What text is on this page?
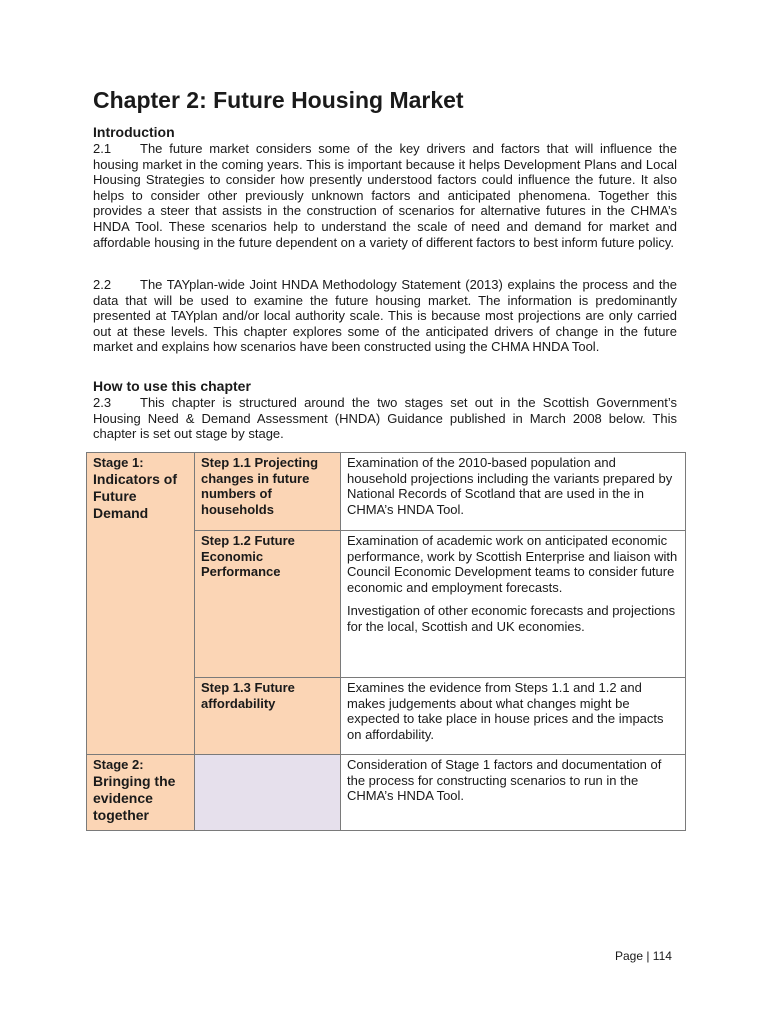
Chapter 2: Future Housing Market

Introduction

2.1 The future market considers some of the key drivers and factors that will influence the housing market in the coming years. This is important because it helps Development Plans and Local Housing Strategies to consider how presently understood factors could influence the future. It also helps to consider other previously unknown factors and anticipated phenomena. Together this provides a steer that assists in the construction of scenarios for alternative futures in the CHMA’s HNDA Tool. These scenarios help to understand the scale of need and demand for market and affordable housing in the future dependent on a variety of different factors to best inform future policy.

2.2 The TAYplan-wide Joint HNDA Methodology Statement (2013) explains the process and the data that will be used to examine the future housing market. The information is predominantly presented at TAYplan and/or local authority scale. This is because most projections are only carried out at these levels. This chapter explores some of the anticipated drivers of change in the future market and explains how scenarios have been constructed using the CHMA HNDA Tool.

How to use this chapter

2.3 This chapter is structured around the two stages set out in the Scottish Government’s Housing Need & Demand Assessment (HNDA) Guidance published in March 2008 below. This chapter is set out stage by stage.

Stage 1:
Indicators of Future Demand	Step 1.1 Projecting changes in future numbers of households	Examination of the 2010-based population and household projections including the variants prepared by National Records of Scotland that are used in the in CHMA’s HNDA Tool.

	Step 1.2 Future Economic Performance	Examination of academic work on anticipated economic performance, work by Scottish Enterprise and liaison with Council Economic Development teams to consider future economic and employment forecasts.

Investigation of other economic forecasts and projections for the local, Scottish and UK economies.

	Step 1.3 Future affordability	Examines the evidence from Steps 1.1 and 1.2 and makes judgements about what changes might be expected to take place in house prices and the impacts on affordability.

Stage 2:
Bringing the evidence together		Consideration of Stage 1 factors and documentation of the process for constructing scenarios to run in the CHMA’s HNDA Tool.

Page | 114
